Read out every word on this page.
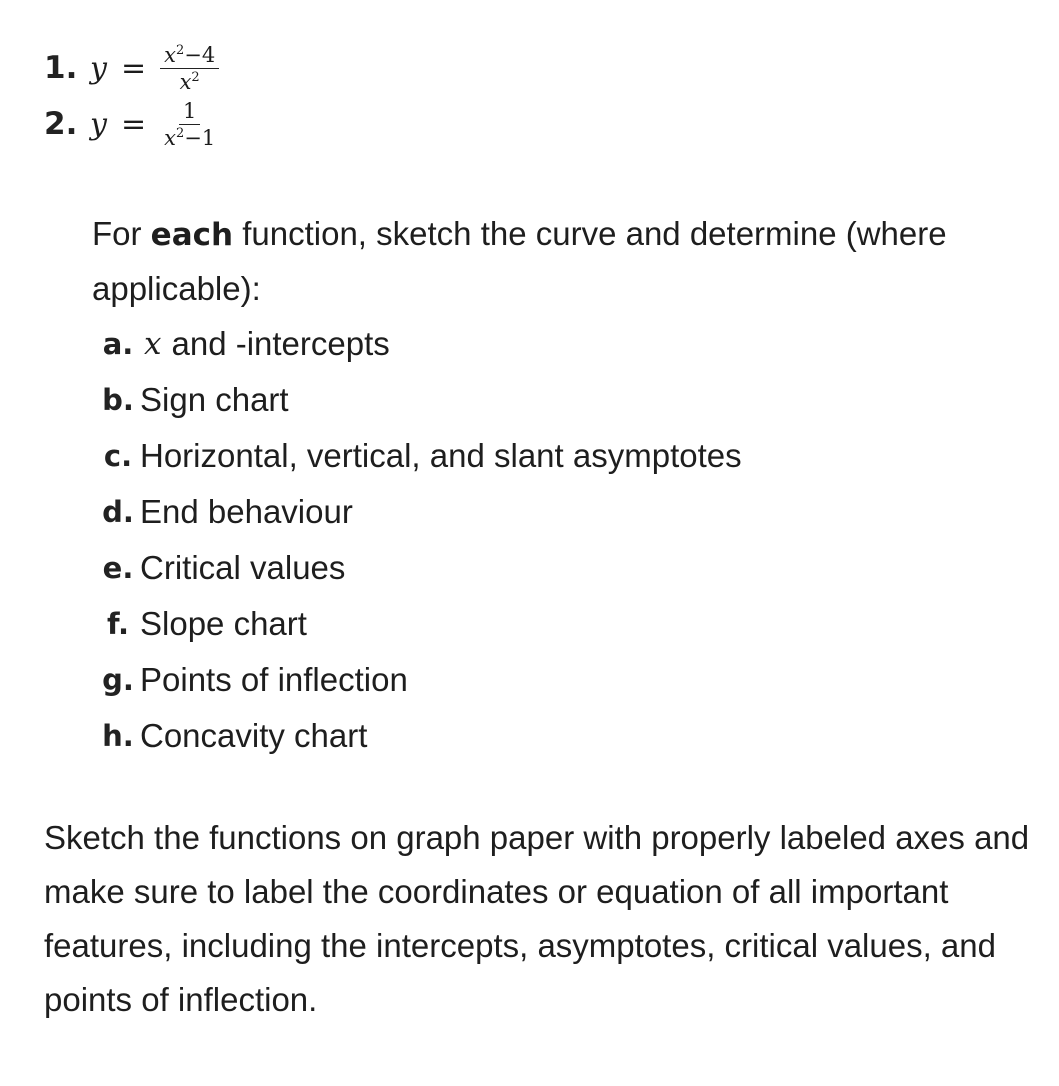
1. $y = \frac{x^2-4}{x^2}$
2. $y = \frac{1}{x^2-1}$
For each function, sketch the curve and determine (where applicable):
a. x and -intercepts
b. Sign chart
c. Horizontal, vertical, and slant asymptotes
d. End behaviour
e. Critical values
f. Slope chart
g. Points of inflection
h. Concavity chart
Sketch the functions on graph paper with properly labeled axes and make sure to label the coordinates or equation of all important features, including the intercepts, asymptotes, critical values, and points of inflection.
